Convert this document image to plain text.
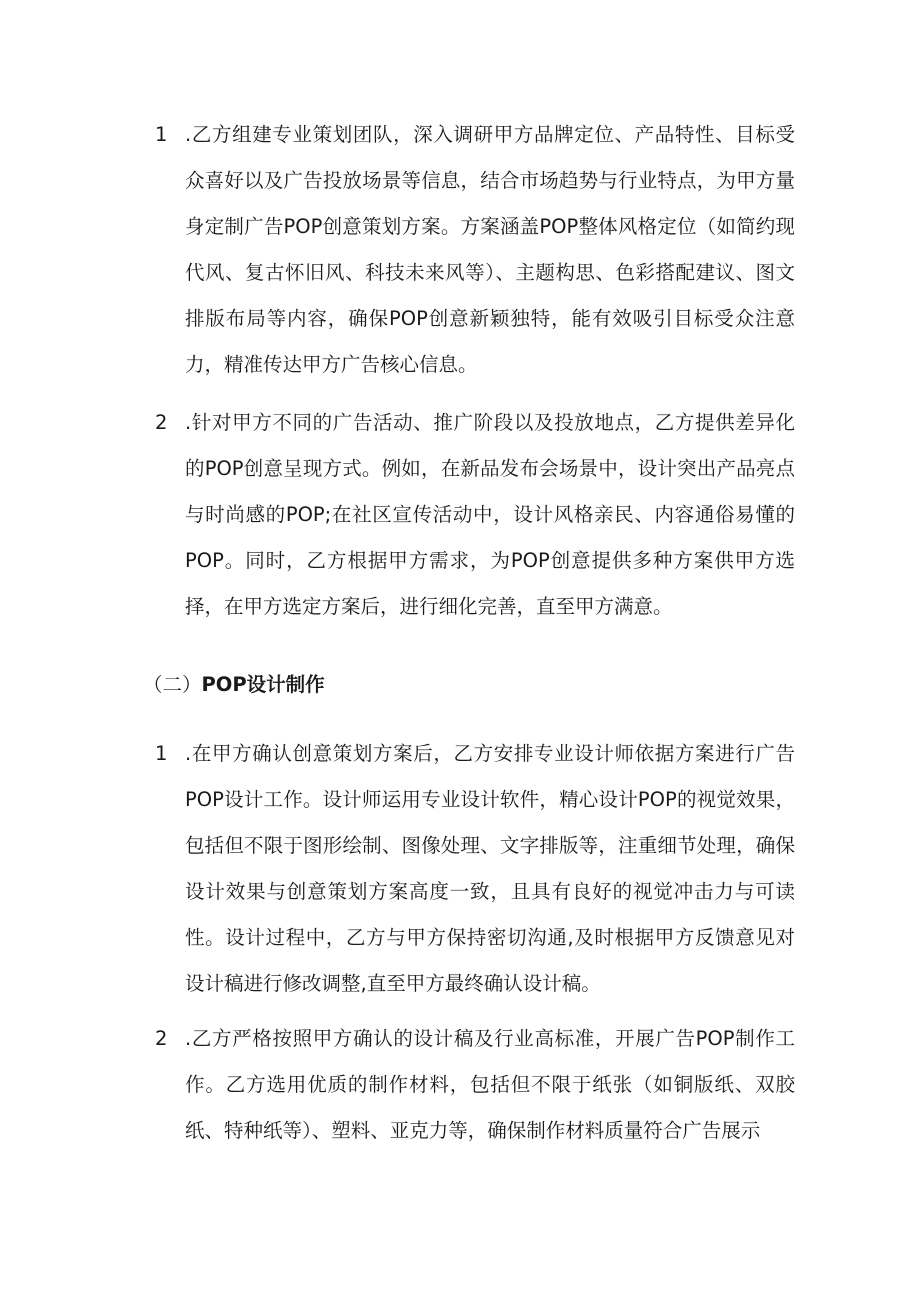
1 .乙方组建专业策划团队，深入调研甲方品牌定位、产品特性、目标受众喜好以及广告投放场景等信息，结合市场趋势与行业特点，为甲方量身定制广告POP创意策划方案。方案涵盖POP整体风格定位（如简约现代风、复古怀旧风、科技未来风等）、主题构思、色彩搭配建议、图文排版布局等内容，确保POP创意新颖独特，能有效吸引目标受众注意力，精准传达甲方广告核心信息。
2 .针对甲方不同的广告活动、推广阶段以及投放地点，乙方提供差异化的POP创意呈现方式。例如，在新品发布会场景中，设计突出产品亮点与时尚感的POP;在社区宣传活动中，设计风格亲民、内容通俗易懂的POP。同时，乙方根据甲方需求，为POP创意提供多种方案供甲方选择，在甲方选定方案后，进行细化完善，直至甲方满意。
（二）POP设计制作
1 .在甲方确认创意策划方案后，乙方安排专业设计师依据方案进行广告POP设计工作。设计师运用专业设计软件，精心设计POP的视觉效果，包括但不限于图形绘制、图像处理、文字排版等，注重细节处理，确保设计效果与创意策划方案高度一致，且具有良好的视觉冲击力与可读性。设计过程中，乙方与甲方保持密切沟通,及时根据甲方反馈意见对设计稿进行修改调整,直至甲方最终确认设计稿。
2 .乙方严格按照甲方确认的设计稿及行业高标准，开展广告POP制作工作。乙方选用优质的制作材料，包括但不限于纸张（如铜版纸、双胶纸、特种纸等）、塑料、亚克力等，确保制作材料质量符合广告展示
